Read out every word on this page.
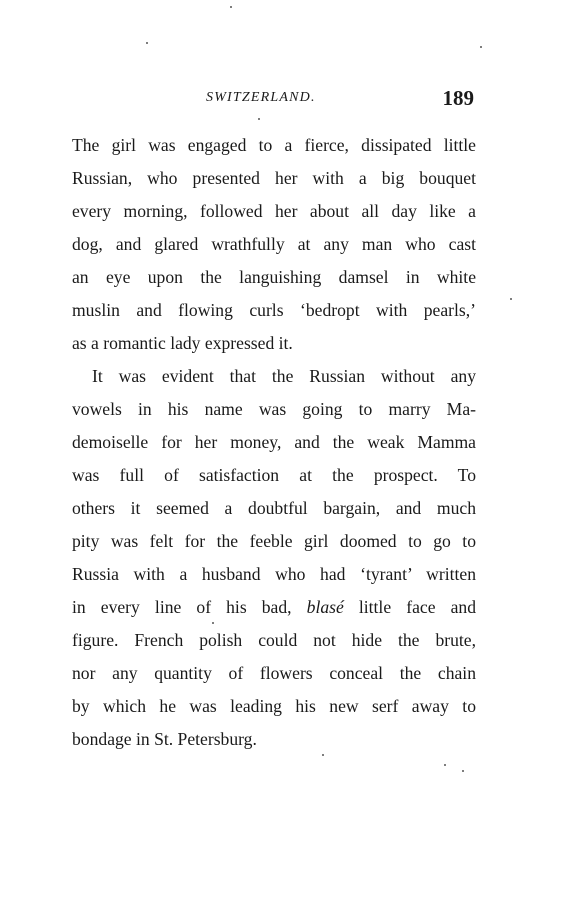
SWITZERLAND.	189
The girl was engaged to a fierce, dissipated little
Russian, who presented her with a big bouquet
every morning, followed her about all day like a
dog, and glared wrathfully at any man who cast
an eye upon the languishing damsel in white
muslin and flowing curls ‘bedropt with pearls,’
as a romantic lady expressed it.
It was evident that the Russian without any
vowels in his name was going to marry Ma-
demoiselle for her money, and the weak Mamma
was full of satisfaction at the prospect. To
others it seemed a doubtful bargain, and much
pity was felt for the feeble girl doomed to go to
Russia with a husband who had ‘tyrant’ written
in every line of his bad, blasé little face and
figure. French polish could not hide the brute,
nor any quantity of flowers conceal the chain
by which he was leading his new serf away to
bondage in St. Petersburg.
